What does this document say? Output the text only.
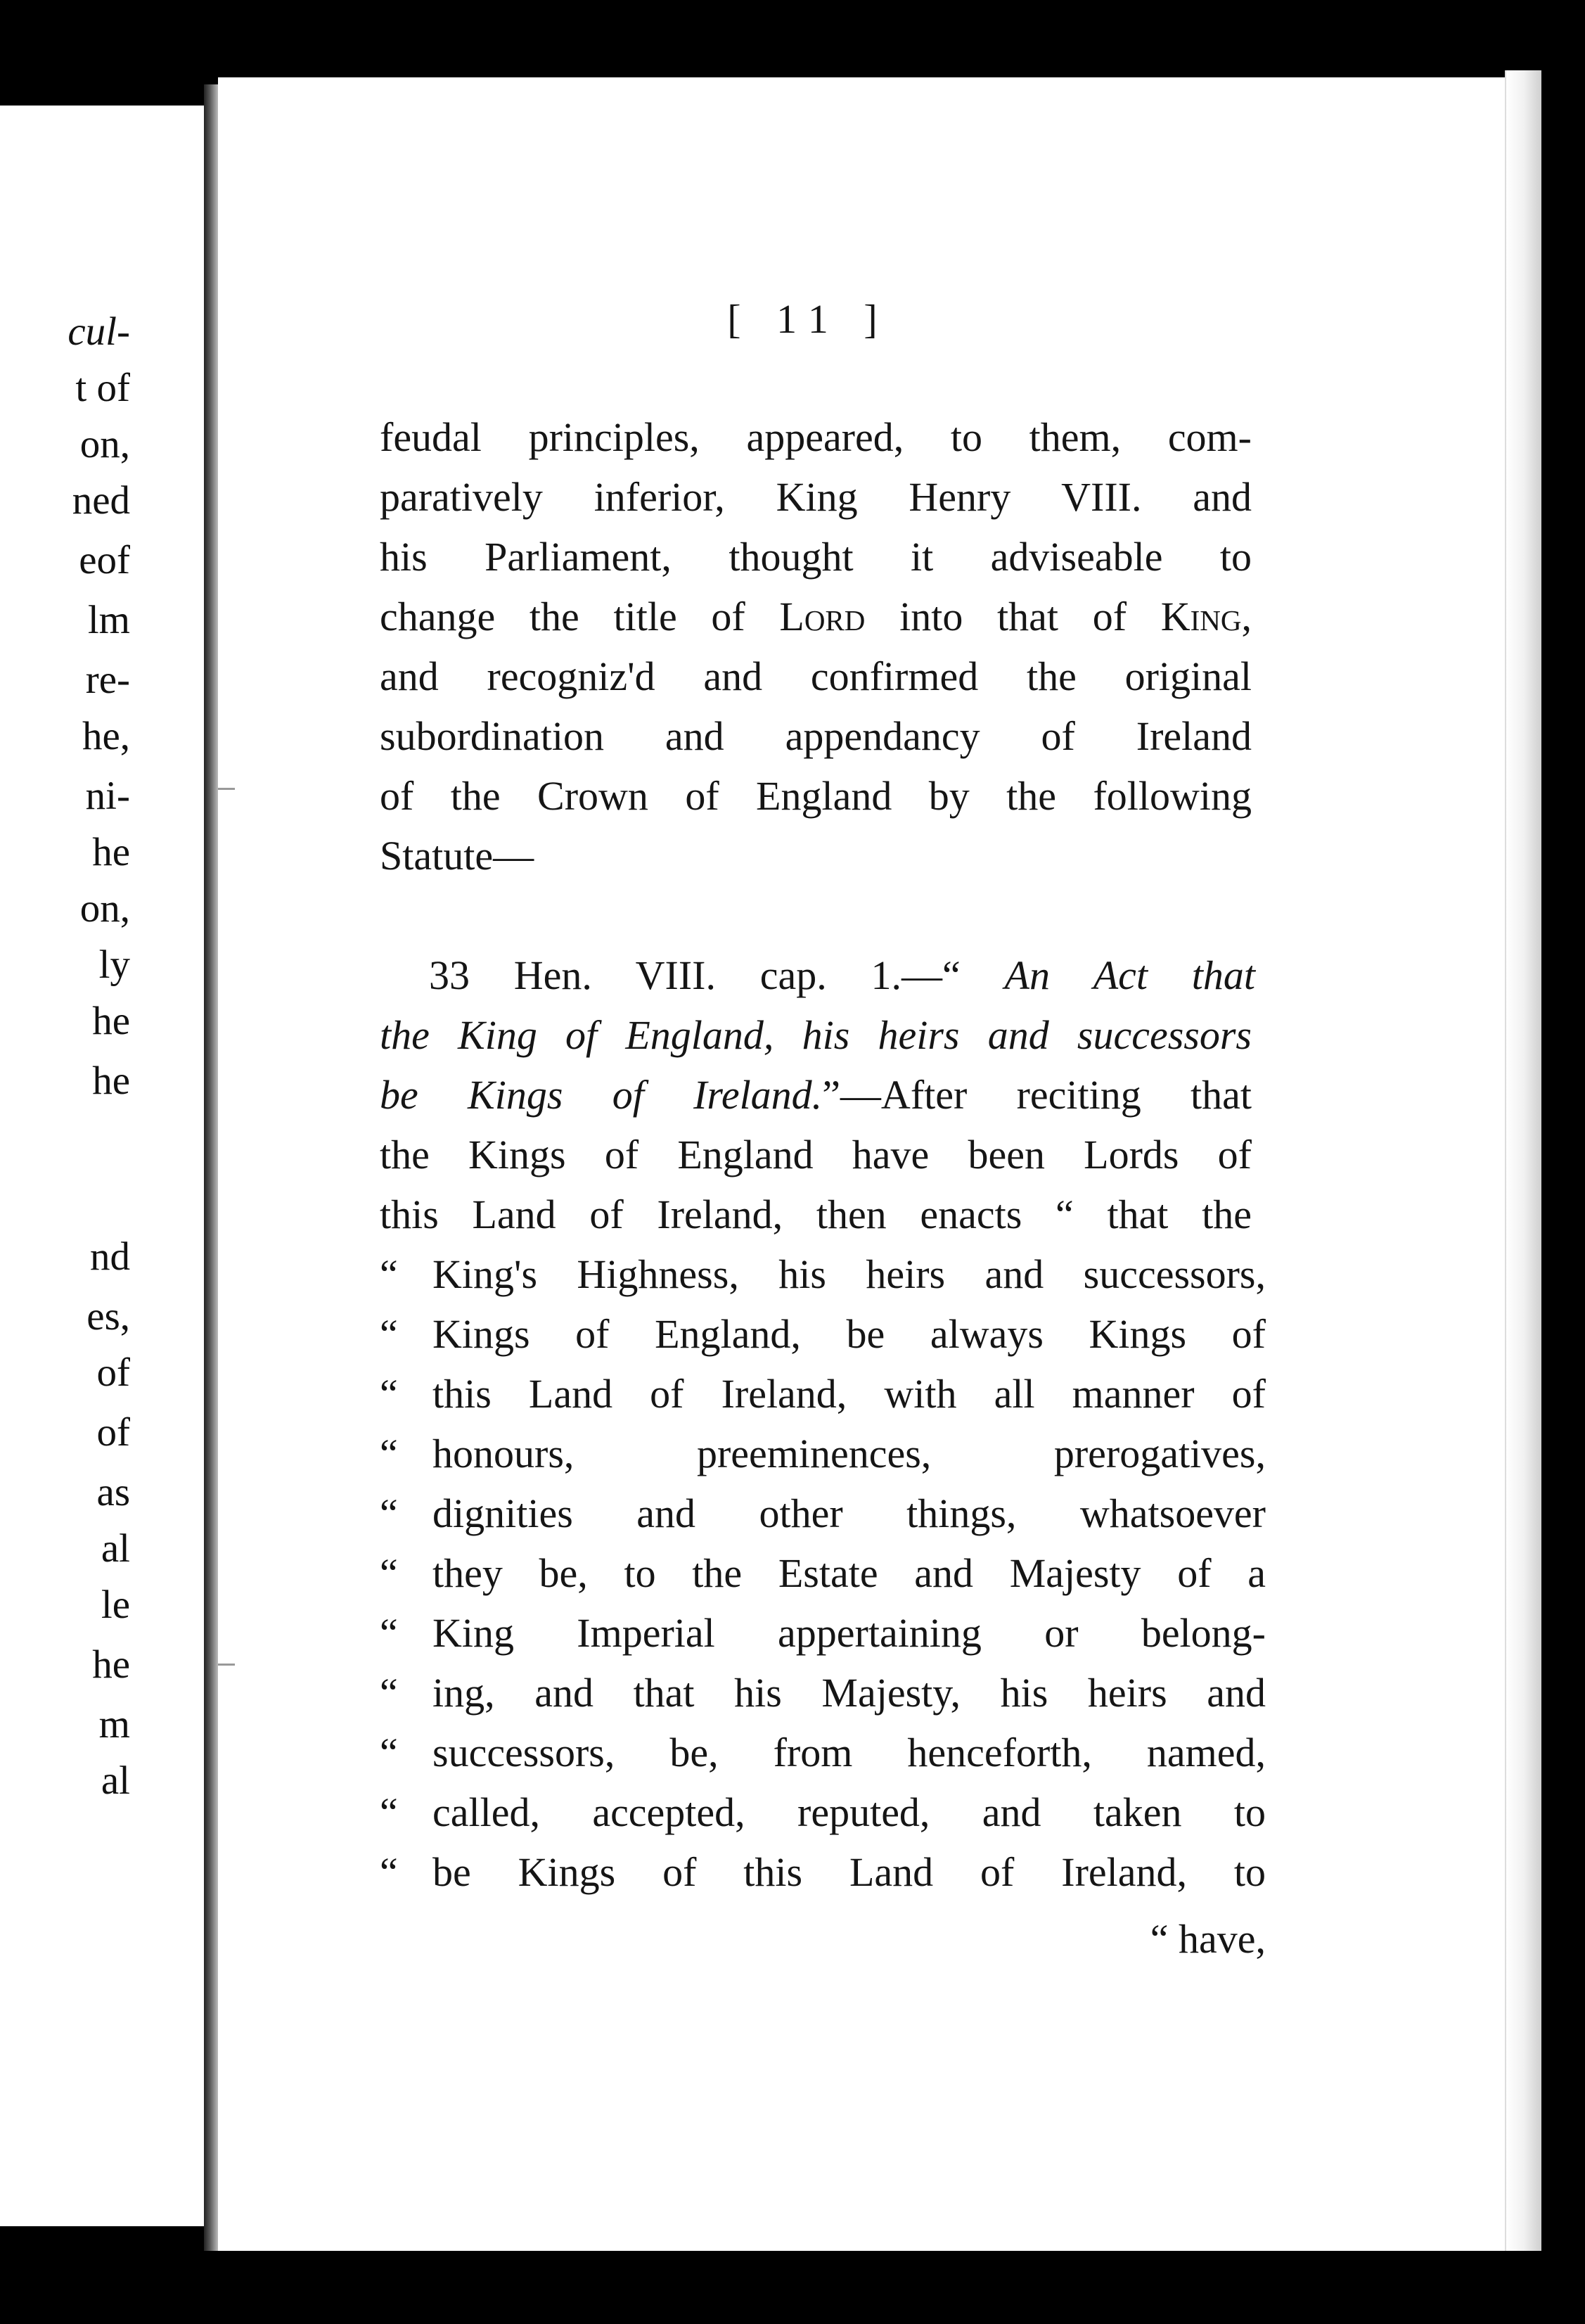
cul-
t of
on,
ned
eof
lm
re-
he,
ni-
he
on,
ly
he
he
nd
es,
of
of
as
al
le
he
m
al
[ 11 ]
feudal principles, appeared, to them, com-
paratively inferior, King Henry VIII. and
his Parliament, thought it adviseable to
change the title of Lord into that of King,
and recogniz'd and confirmed the original
subordination and appendancy of Ireland
of the Crown of England by the following
Statute—
33 Hen. VIII. cap. 1.—“ An Act that
the King of England, his heirs and successors
be Kings of Ireland.”—After reciting that
the Kings of England have been Lords of
this Land of Ireland, then enacts “ that the
“ King's Highness, his heirs and successors,
“ Kings of England, be always Kings of
“ this Land of Ireland, with all manner of
“ honours, preeminences, prerogatives,
“ dignities and other things, whatsoever
“ they be, to the Estate and Majesty of a
“ King Imperial appertaining or belong-
“ ing, and that his Majesty, his heirs and
“ successors, be, from henceforth, named,
“ called, accepted, reputed, and taken to
“ be Kings of this Land of Ireland, to
“ have,
